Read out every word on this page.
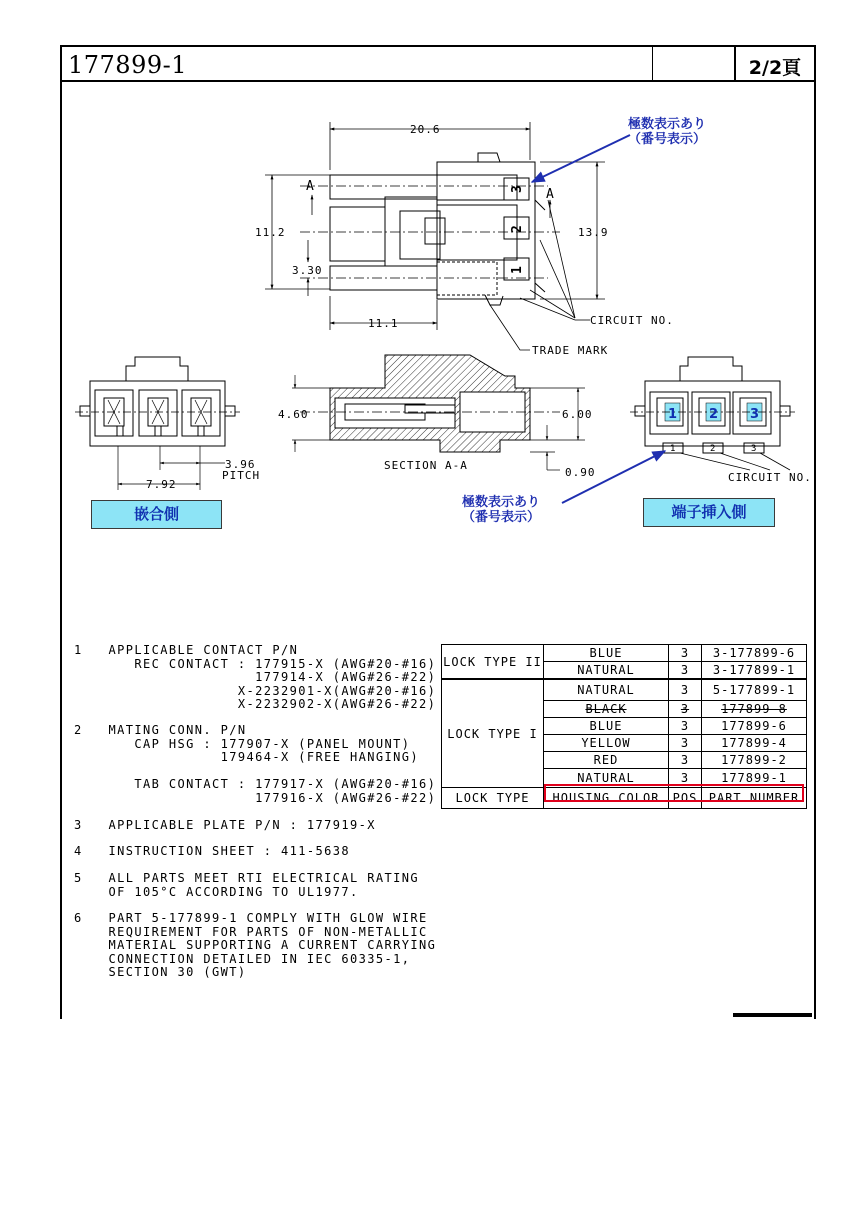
177899-1	2/2頁
3
2
1
20.6
11.2	13.9
3.30
11.1
A
A
CIRCUIT NO.
TRADE MARK
3.96
PITCH
7.92
4.60	6.00
0.90
SECTION A-A
1 2 3
1	2	3
CIRCUIT NO.
極数表示あり
（番号表示）
極数表示あり
（番号表示）
嵌合側	端子挿入側

1 APPLICABLE CONTACT P/N
REC CONTACT : 177915-X (AWG#20-#16)
177914-X (AWG#26-#22)
X-2232901-X(AWG#20-#16)
X-2232902-X(AWG#26-#22)

2 MATING CONN. P/N
CAP HSG : 177907-X (PANEL MOUNT)
179464-X (FREE HANGING)

TAB CONTACT : 177917-X (AWG#20-#16)
177916-X (AWG#26-#22)

3 APPLICABLE PLATE P/N : 177919-X

4 INSTRUCTION SHEET : 411-5638

5 ALL PARTS MEET RTI ELECTRICAL RATING
OF 105°C ACCORDING TO UL1977.

6 PART 5-177899-1 COMPLY WITH GLOW WIRE
REQUIREMENT FOR PARTS OF NON-METALLIC
MATERIAL SUPPORTING A CURRENT CARRYING
CONNECTION DETAILED IN IEC 60335-1,
SECTION 30 (GWT)

LOCK TYPE II	BLUE	3	3-177899-6
	NATURAL	3	3-177899-1
LOCK TYPE I	NATURAL	3	5-177899-1
	BLACK	3	177899-8
	BLUE	3	177899-6
	YELLOW	3	177899-4
	RED	3	177899-2
	NATURAL	3	177899-1
LOCK TYPE	HOUSING COLOR	POS	PART NUMBER
